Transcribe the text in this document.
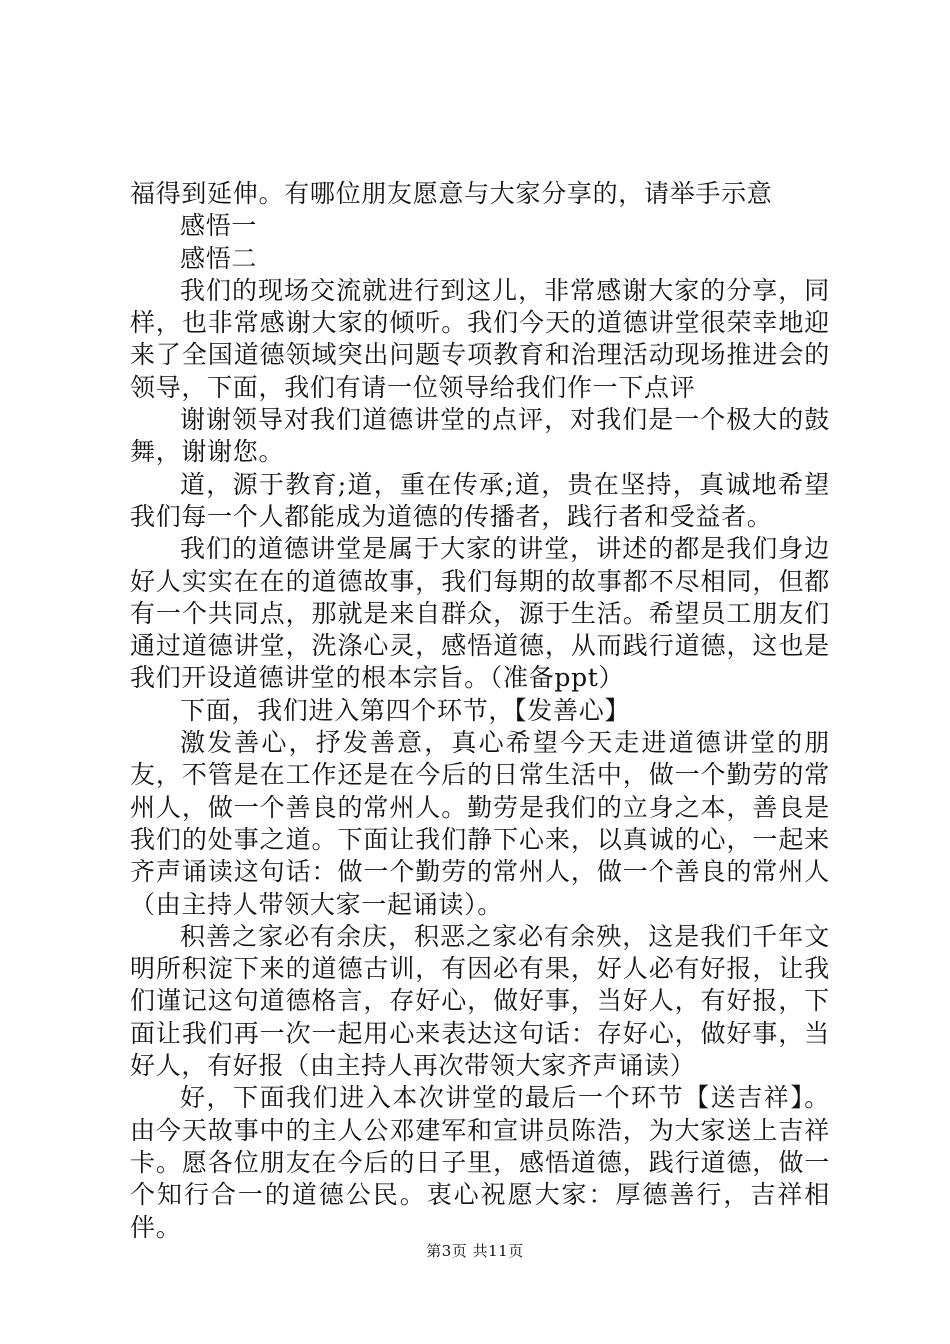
福得到延伸。有哪位朋友愿意与大家分享的，请举手示意

感悟一

感悟二

我们的现场交流就进行到这儿，非常感谢大家的分享，同样，也非常感谢大家的倾听。我们今天的道德讲堂很荣幸地迎来了全国道德领域突出问题专项教育和治理活动现场推进会的领导，下面，我们有请一位领导给我们作一下点评

谢谢领导对我们道德讲堂的点评，对我们是一个极大的鼓舞，谢谢您。

道，源于教育;道，重在传承;道，贵在坚持，真诚地希望我们每一个人都能成为道德的传播者，践行者和受益者。

我们的道德讲堂是属于大家的讲堂，讲述的都是我们身边好人实实在在的道德故事，我们每期的故事都不尽相同，但都有一个共同点，那就是来自群众，源于生活。希望员工朋友们通过道德讲堂，洗涤心灵，感悟道德，从而践行道德，这也是我们开设道德讲堂的根本宗旨。（准备ppt）

下面，我们进入第四个环节，【发善心】

激发善心，抒发善意，真心希望今天走进道德讲堂的朋友，不管是在工作还是在今后的日常生活中，做一个勤劳的常州人，做一个善良的常州人。勤劳是我们的立身之本，善良是我们的处事之道。下面让我们静下心来，以真诚的心，一起来齐声诵读这句话：做一个勤劳的常州人，做一个善良的常州人（由主持人带领大家一起诵读）。

积善之家必有余庆，积恶之家必有余殃，这是我们千年文明所积淀下来的道德古训，有因必有果，好人必有好报，让我们谨记这句道德格言，存好心，做好事，当好人，有好报，下面让我们再一次一起用心来表达这句话：存好心，做好事，当好人，有好报（由主持人再次带领大家齐声诵读）

好，下面我们进入本次讲堂的最后一个环节【送吉祥】。由今天故事中的主人公邓建军和宣讲员陈浩，为大家送上吉祥卡。愿各位朋友在今后的日子里，感悟道德，践行道德，做一个知行合一的道德公民。衷心祝愿大家：厚德善行，吉祥相伴。

第3页 共11页
